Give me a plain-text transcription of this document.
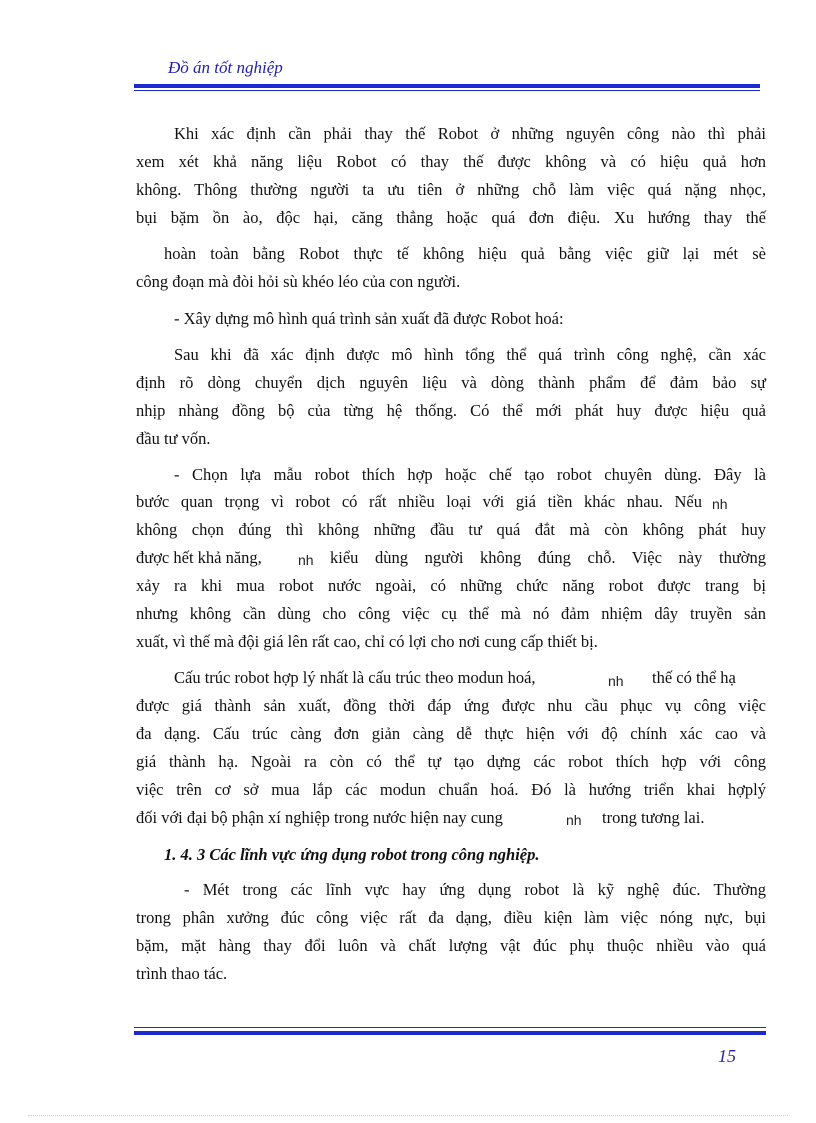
Đồ án tốt nghiệp
Khi xác định cần phải thay thế Robot ở những nguyên công nào thì phải
xem xét khả năng liệu Robot có thay thế được không và có hiệu quả hơn
không. Thông thường người ta ưu tiên ở những chỗ làm việc quá nặng nhọc,
bụi bặm ồn ào, độc hại, căng thẳng hoặc quá đơn điệu. Xu hướng thay thế
hoàn toàn bằng Robot thực tế không hiệu quả bằng việc giữ lại mét sè
công đoạn mà đòi hỏi sù khéo léo của con người.
- Xây dựng mô hình quá trình sản xuất đã được Robot hoá:
Sau khi đã xác định được mô hình tổng thể quá trình công nghệ, cần xác
định rõ dòng chuyển dịch nguyên liệu và dòng thành phẩm để đảm bảo sự
nhịp nhàng đồng bộ của từng hệ thống. Có thể mới phát huy được hiệu quả
đầu tư vốn.
- Chọn lựa mẫu robot thích hợp hoặc chế tạo robot chuyên dùng. Đây là
bước quan trọng vì robot có rất nhiều loại với giá tiền khác nhau. Nếu nh
không chọn đúng thì không những đầu tư quá đắt mà còn không phát huy
được hết khả năng,	nh kiểu dùng người không đúng chỗ. Việc này thường
xảy ra khi mua robot nước ngoài, có những chức năng robot được trang bị
nhưng không cần dùng cho công việc cụ thể mà nó đảm nhiệm dây truyền sản
xuất, vì thế mà đội giá lên rất cao, chỉ có lợi cho nơi cung cấp thiết bị.
Cấu trúc robot hợp lý nhất là cấu trúc theo modun hoá,	nh thế có thể hạ
được giá thành sản xuất, đồng thời đáp ứng được nhu cầu phục vụ công việc
đa dạng. Cấu trúc càng đơn giản càng dễ thực hiện với độ chính xác cao và
giá thành hạ. Ngoài ra còn có thể tự tạo dựng các robot thích hợp với công
việc trên cơ sở mua lắp các modun chuẩn hoá. Đó là hướng triển khai hợplý
đối với đại bộ phận xí nghiệp trong nước hiện nay cung	nh trong tương lai.
1. 4. 3 Các lĩnh vực ứng dụng robot trong công nghiệp.
- Mét trong các lĩnh vực hay ứng dụng robot là kỹ nghệ đúc. Thường
trong phân xưởng đúc công việc rất đa dạng, điều kiện làm việc nóng nực, bụi
bặm, mặt hàng thay đổi luôn và chất lượng vật đúc phụ thuộc nhiều vào quá
trình thao tác.
15
